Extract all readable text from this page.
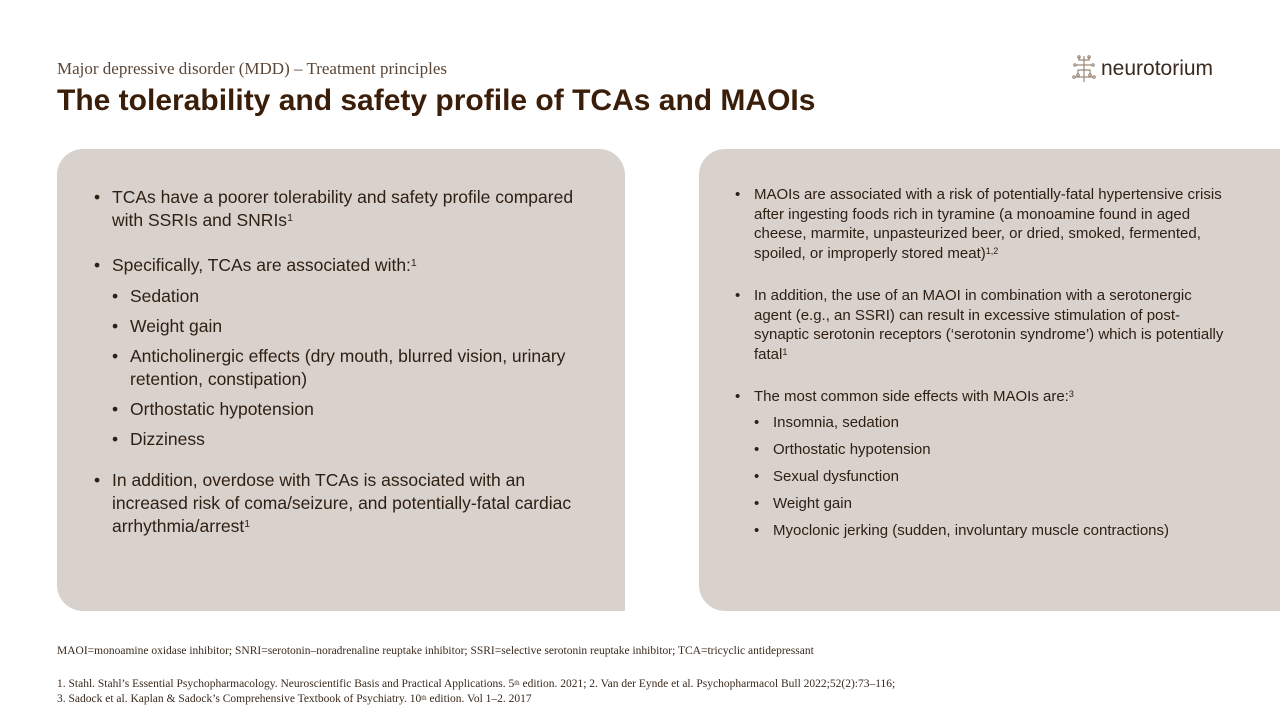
Major depressive disorder (MDD) – Treatment principles
The tolerability and safety profile of TCAs and MAOIs
neurotorium
• TCAs have a poorer tolerability and safety profile compared with SSRIs and SNRIs$^1$
• Specifically, TCAs are associated with:$^1$
• Sedation
• Weight gain
• Anticholinergic effects (dry mouth, blurred vision, urinary retention, constipation)
• Orthostatic hypotension
• Dizziness
• In addition, overdose with TCAs is associated with an increased risk of coma/seizure, and potentially-fatal cardiac arrhythmia/arrest$^1$
• MAOIs are associated with a risk of potentially-fatal hypertensive crisis after ingesting foods rich in tyramine (a monoamine found in aged cheese, marmite, unpasteurized beer, or dried, smoked, fermented, spoiled, or improperly stored meat)$^{1,2}$
• In addition, the use of an MAOI in combination with a serotonergic agent (e.g., an SSRI) can result in excessive stimulation of post-synaptic serotonin receptors (‘serotonin syndrome’) which is potentially fatal$^1$
• The most common side effects with MAOIs are:$^3$
• Insomnia, sedation
• Orthostatic hypotension
• Sexual dysfunction
• Weight gain
• Myoclonic jerking (sudden, involuntary muscle contractions)
MAOI=monoamine oxidase inhibitor; SNRI=serotonin–noradrenaline reuptake inhibitor; SSRI=selective serotonin reuptake inhibitor; TCA=tricyclic antidepressant
1. Stahl. Stahl’s Essential Psychopharmacology. Neuroscientific Basis and Practical Applications. 5th edition. 2021; 2. Van der Eynde et al. Psychopharmacol Bull 2022;52(2):73–116;
3. Sadock et al. Kaplan & Sadock’s Comprehensive Textbook of Psychiatry. 10th edition. Vol 1–2. 2017
